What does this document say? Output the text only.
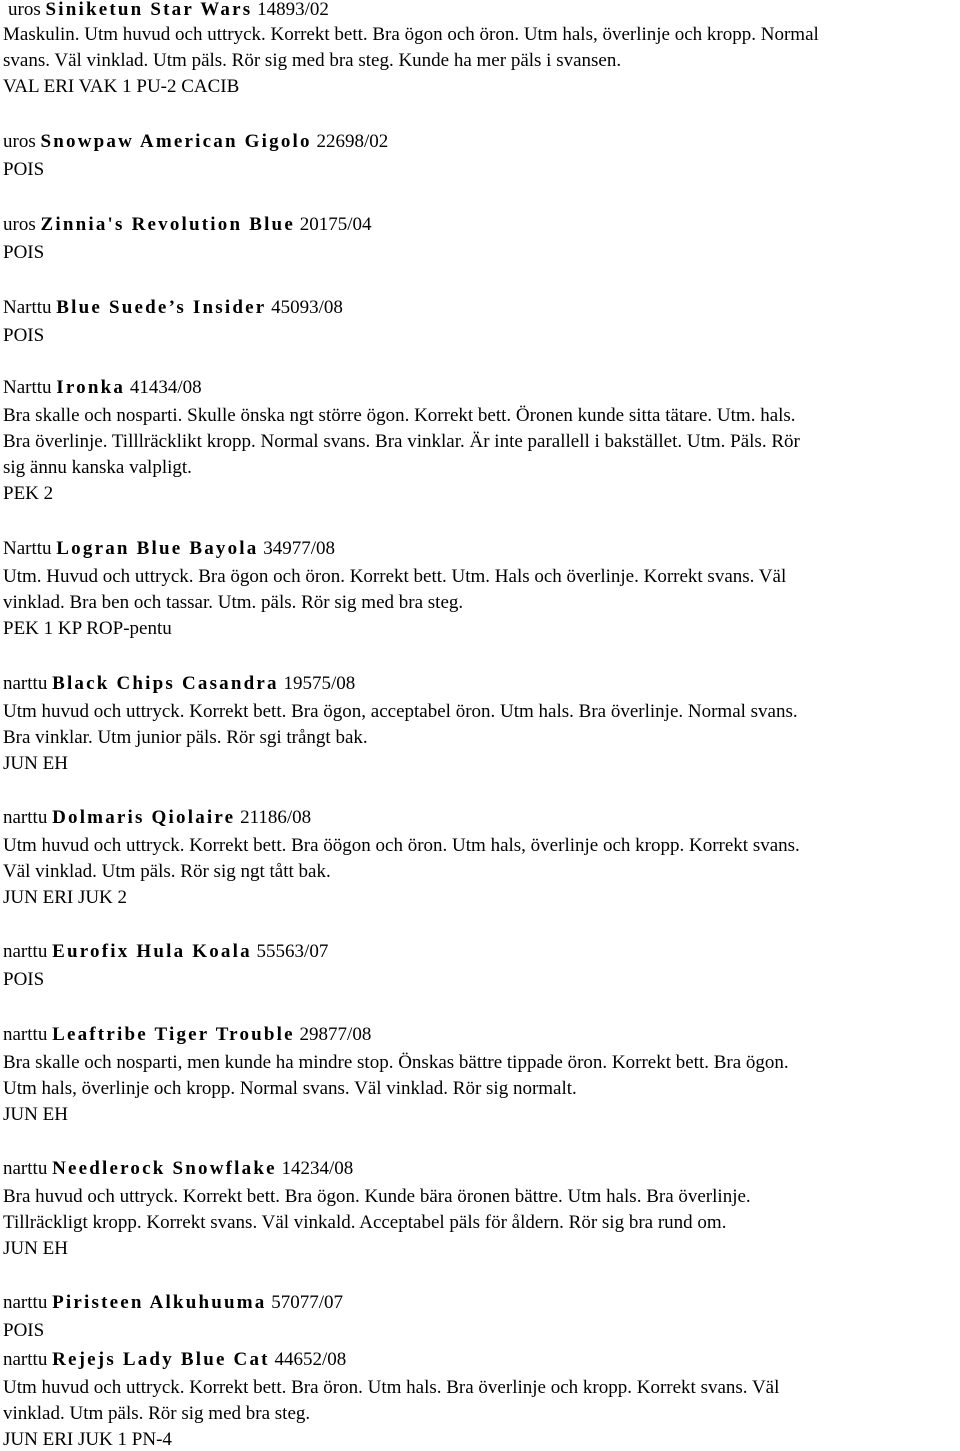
uros Siniketun Star Wars 14893/02
Maskulin. Utm huvud och uttryck. Korrekt bett. Bra ögon och öron. Utm hals, överlinje och kropp. Normal
svans. Väl vinklad. Utm päls. Rör sig med bra steg. Kunde ha mer päls i svansen.
VAL ERI VAK 1 PU-2 CACIB
uros Snowpaw American Gigolo 22698/02
POIS
uros Zinnia's Revolution Blue 20175/04
POIS
Narttu Blue Suede’s Insider 45093/08
POIS
Narttu Ironka 41434/08
Bra skalle och nosparti. Skulle önska ngt större ögon. Korrekt bett. Öronen kunde sitta tätare. Utm. hals.
Bra överlinje. Tilllräcklikt kropp. Normal svans. Bra vinklar. Är inte parallell i bakstället. Utm. Päls. Rör
sig ännu kanska valpligt.
PEK 2
Narttu Logran Blue Bayola 34977/08
Utm. Huvud och uttryck. Bra ögon och öron. Korrekt bett. Utm. Hals och överlinje. Korrekt svans. Väl
vinklad. Bra ben och tassar. Utm. päls. Rör sig med bra steg.
PEK 1 KP ROP-pentu
narttu Black Chips Casandra 19575/08
Utm huvud och uttryck. Korrekt bett. Bra ögon, acceptabel öron. Utm hals. Bra överlinje. Normal svans.
Bra vinklar. Utm junior päls. Rör sgi trångt bak.
JUN EH
narttu Dolmaris Qiolaire 21186/08
Utm huvud och uttryck. Korrekt bett. Bra öögon och öron. Utm hals, överlinje och kropp. Korrekt svans.
Väl vinklad. Utm päls. Rör sig ngt tått bak.
JUN ERI JUK 2
narttu Eurofix Hula Koala 55563/07
POIS
narttu Leaftribe Tiger Trouble 29877/08
Bra skalle och nosparti, men kunde ha mindre stop. Önskas bättre tippade öron. Korrekt bett. Bra ögon.
Utm hals, överlinje och kropp. Normal svans. Väl vinklad. Rör sig normalt.
JUN EH
narttu Needlerock Snowflake 14234/08
Bra huvud och uttryck. Korrekt bett. Bra ögon. Kunde bära öronen bättre. Utm hals. Bra överlinje.
Tillräckligt kropp. Korrekt svans. Väl vinkald. Acceptabel päls för åldern. Rör sig bra rund om.
JUN EH
narttu Piristeen Alkuhuuma 57077/07
POIS
narttu Rejejs Lady Blue Cat 44652/08
Utm huvud och uttryck. Korrekt bett. Bra öron. Utm hals. Bra överlinje och kropp. Korrekt svans. Väl
vinklad. Utm päls. Rör sig med bra steg.
JUN ERI JUK 1 PN-4
